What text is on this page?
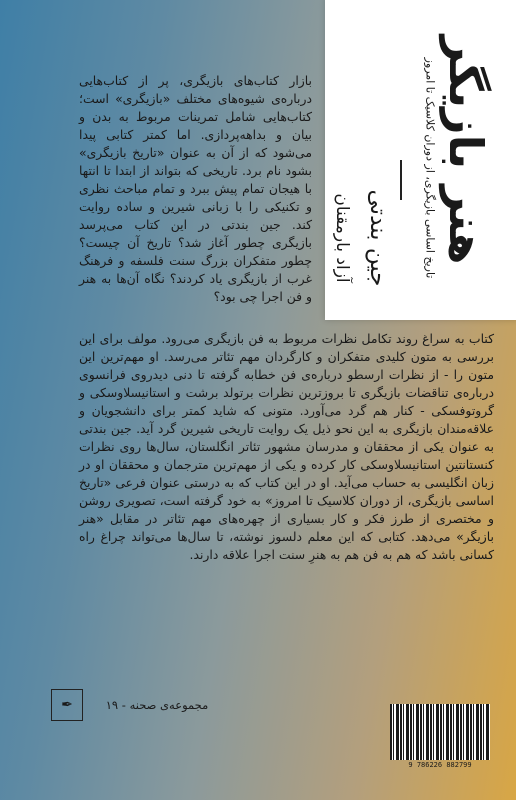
بازار کتاب‌های بازیگری، پر از کتاب‌هایی درباره‌ی شیوه‌های مختلف «بازیگری» است؛ کتاب‌هایی شامل تمرینات مربوط به بدن و بیان و بداهه‌پردازی. اما کمتر کتابی پیدا می‌شود که از آن به عنوان «تاریخ بازیگری» بشود نام برد. تاریخی که بتواند از ابتدا تا انتها با هیجان تمام پیش ببرد و تمام مباحث نظری و تکنیکی را با زبانی شیرین و ساده روایت کند. جین بندتی در این کتاب می‌پرسد بازیگری چطور آغاز شد؟ تاریخ آن چیست؟ چطور متفکران بزرگ سنت فلسفه و فرهنگ غرب از بازیگری یاد کردند؟ نگاه آن‌ها به هنر و فن اجرا چی بود؟

کتاب به سراغ روند تکامل نظرات مربوط به فن بازیگری می‌رود. مولف برای این بررسی به متون کلیدی متفکران و کارگردان مهم تئاتر می‌رسد. او مهم‌ترین این متون را - از نظرات ارسطو درباره‌ی فن خطابه گرفته تا دنی دیدروی فرانسوی درباره‌ی تناقضات بازیگری تا بروزترین نظرات برتولد برشت و استانیسلاوسکی و گروتوفسکی - کنار هم گرد می‌آورد. متونی که شاید کمتر برای دانشجویان و علاقه‌مندان بازیگری به این نحو ذیل یک روایت تاریخی شیرین گرد آید. جین بندتی به عنوان یکی از محققان و مدرسان مشهور تئاتر انگلستان، سال‌ها روی نظرات کنستانتین استانیسلاوسکی کار کرده و یکی از مهم‌ترین مترجمان و محققان او در زبان انگلیسی به حساب می‌آید. او در این کتاب که به درستی عنوان فرعی «تاریخ اساسی بازیگری، از دوران کلاسیک تا امروز» به خود گرفته است، تصویری روشن و مختصری از طرز فکر و کار بسیاری از چهره‌های مهم تئاتر در مقابل «هنر بازیگر» می‌دهد. کتابی که این معلم دلسوز نوشته، تا سال‌ها می‌تواند چراغ راه کسانی باشد که هم به فن هم به هنرِ سنت اجرا علاقه دارند.

هنر بازیگر
تاریخ اساسی بازیگری، از دوران کلاسیک تا امروز
جین بندتی
آزاد بارمقنان
✒	مجموعه‌ی صحنه - ۱۹
9 786226 882799
